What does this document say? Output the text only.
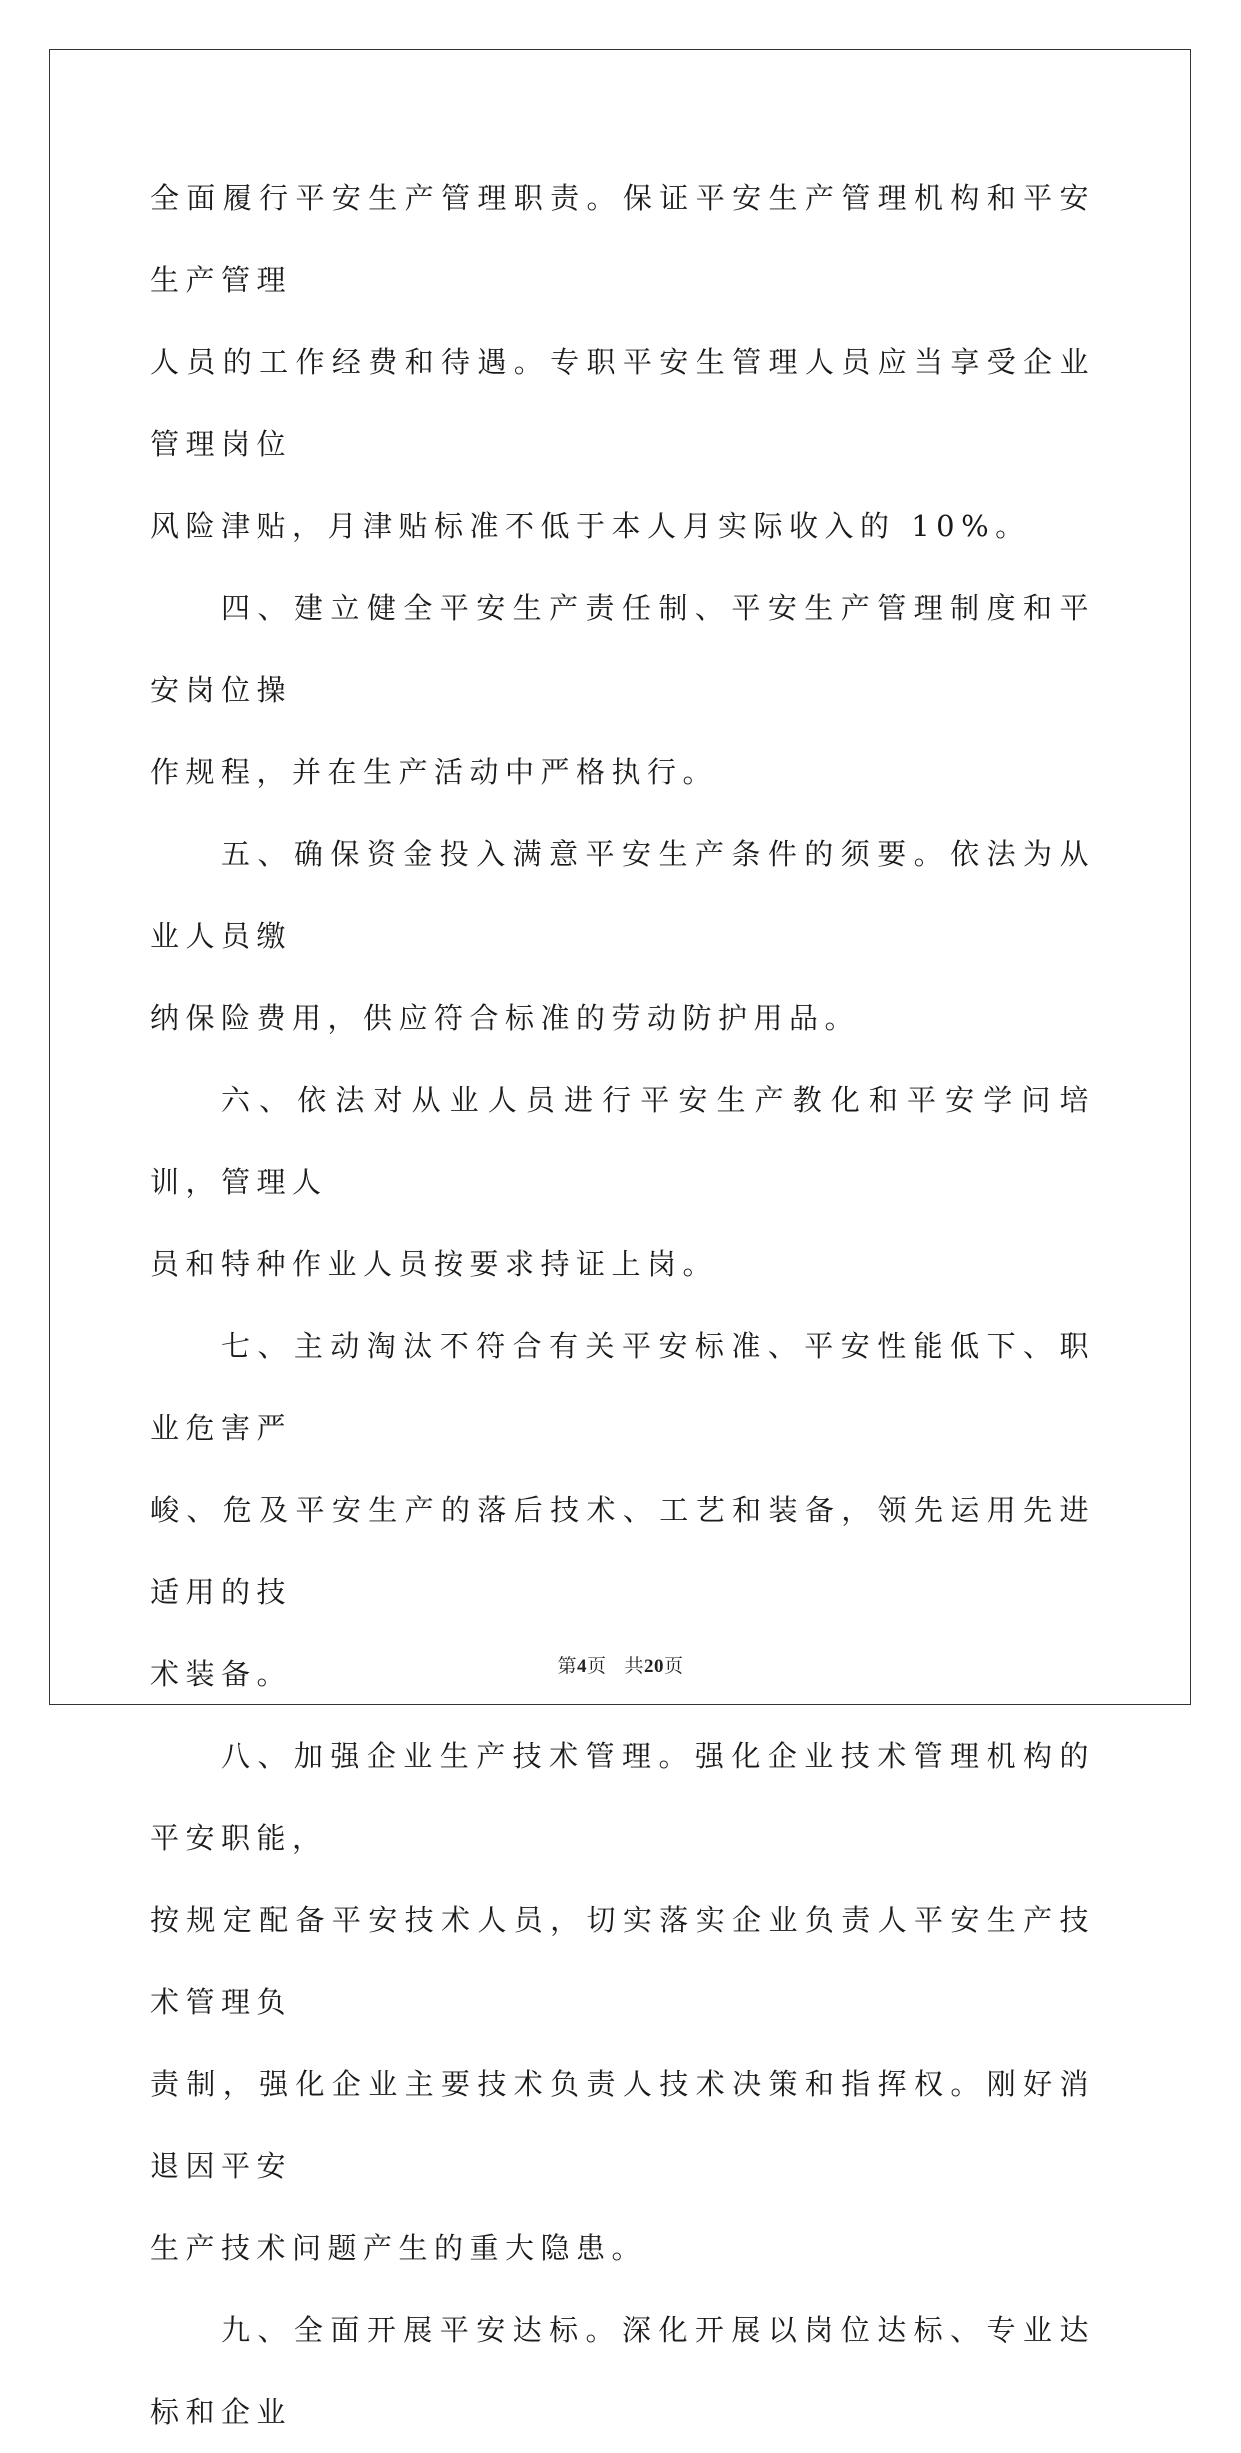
全面履行平安生产管理职责。保证平安生产管理机构和平安生产管理
人员的工作经费和待遇。专职平安生管理人员应当享受企业管理岗位
风险津贴，月津贴标准不低于本人月实际收入的 10%。
四、建立健全平安生产责任制、平安生产管理制度和平安岗位操
作规程，并在生产活动中严格执行。
五、确保资金投入满意平安生产条件的须要。依法为从业人员缴
纳保险费用，供应符合标准的劳动防护用品。
六、依法对从业人员进行平安生产教化和平安学问培训，管理人
员和特种作业人员按要求持证上岗。
七、主动淘汰不符合有关平安标准、平安性能低下、职业危害严
峻、危及平安生产的落后技术、工艺和装备，领先运用先进适用的技
术装备。
八、加强企业生产技术管理。强化企业技术管理机构的平安职能，
按规定配备平安技术人员，切实落实企业负责人平安生产技术管理负
责制，强化企业主要技术负责人技术决策和指挥权。刚好消退因平安
生产技术问题产生的重大隐患。
九、全面开展平安达标。深化开展以岗位达标、专业达标和企业
第4页 共20页
